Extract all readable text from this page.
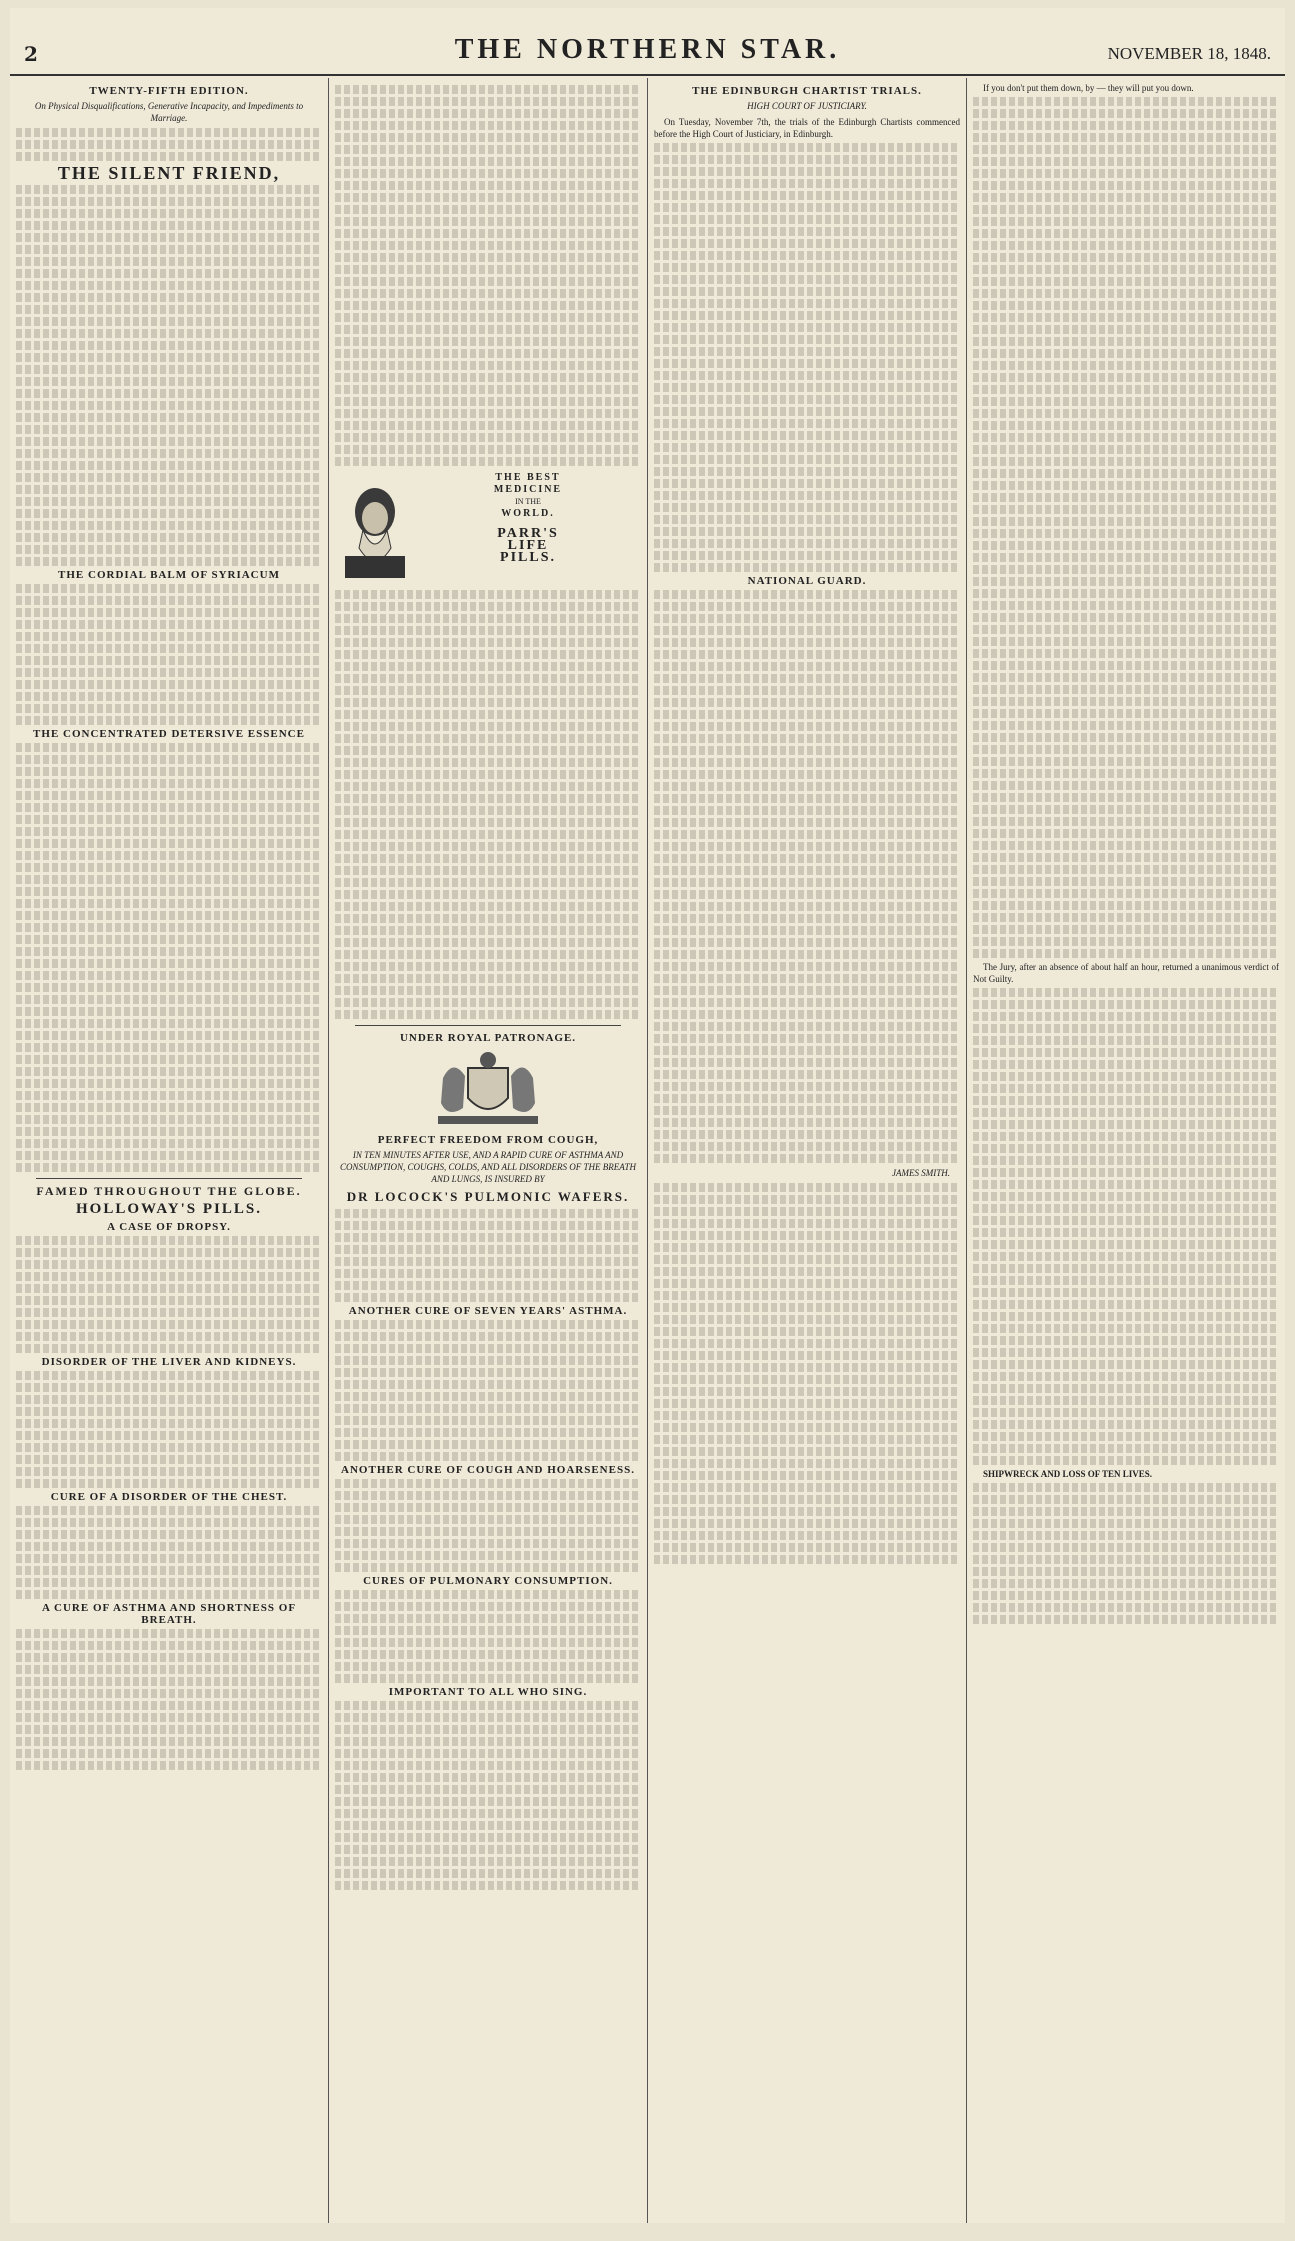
2	THE NORTHERN STAR.	NOVEMBER 18, 1848.
TWENTY-FIFTH EDITION.
On Physical Disqualifications, Generative Incapacity, and Impediments to Marriage.
THE SILENT FRIEND,
THE CORDIAL BALM OF SYRIACUM
THE CONCENTRATED DETERSIVE ESSENCE
FAMED THROUGHOUT THE GLOBE.
HOLLOWAY'S PILLS.
A CASE OF DROPSY.
DISORDER OF THE LIVER AND KIDNEYS.
CURE OF A DISORDER OF THE CHEST.
A CURE OF ASTHMA AND SHORTNESS OF BREATH.
THE BEST
MEDICINE
IN THE
WORLD.
PARR'S
LIFE
PILLS.
UNDER ROYAL PATRONAGE.
PERFECT FREEDOM FROM COUGH,
IN TEN MINUTES AFTER USE, AND A RAPID CURE OF ASTHMA AND CONSUMPTION, COUGHS, COLDS, AND ALL DISORDERS OF THE BREATH AND LUNGS, IS INSURED BY
DR LOCOCK'S PULMONIC WAFERS.
ANOTHER CURE OF SEVEN YEARS' ASTHMA.
ANOTHER CURE OF COUGH AND HOARSENESS.
CURES OF PULMONARY CONSUMPTION.
IMPORTANT TO ALL WHO SING.
THE EDINBURGH CHARTIST TRIALS.
HIGH COURT OF JUSTICIARY.

On Tuesday, November 7th, the trials of the Edinburgh Chartists commenced before the High Court of Justiciary, in Edinburgh.

NATIONAL GUARD.
JAMES SMITH.

If you don't put them down, by — they will put you down.

The Jury, after an absence of about half an hour, returned a unanimous verdict of Not Guilty.

SHIPWRECK AND LOSS OF TEN LIVES.
